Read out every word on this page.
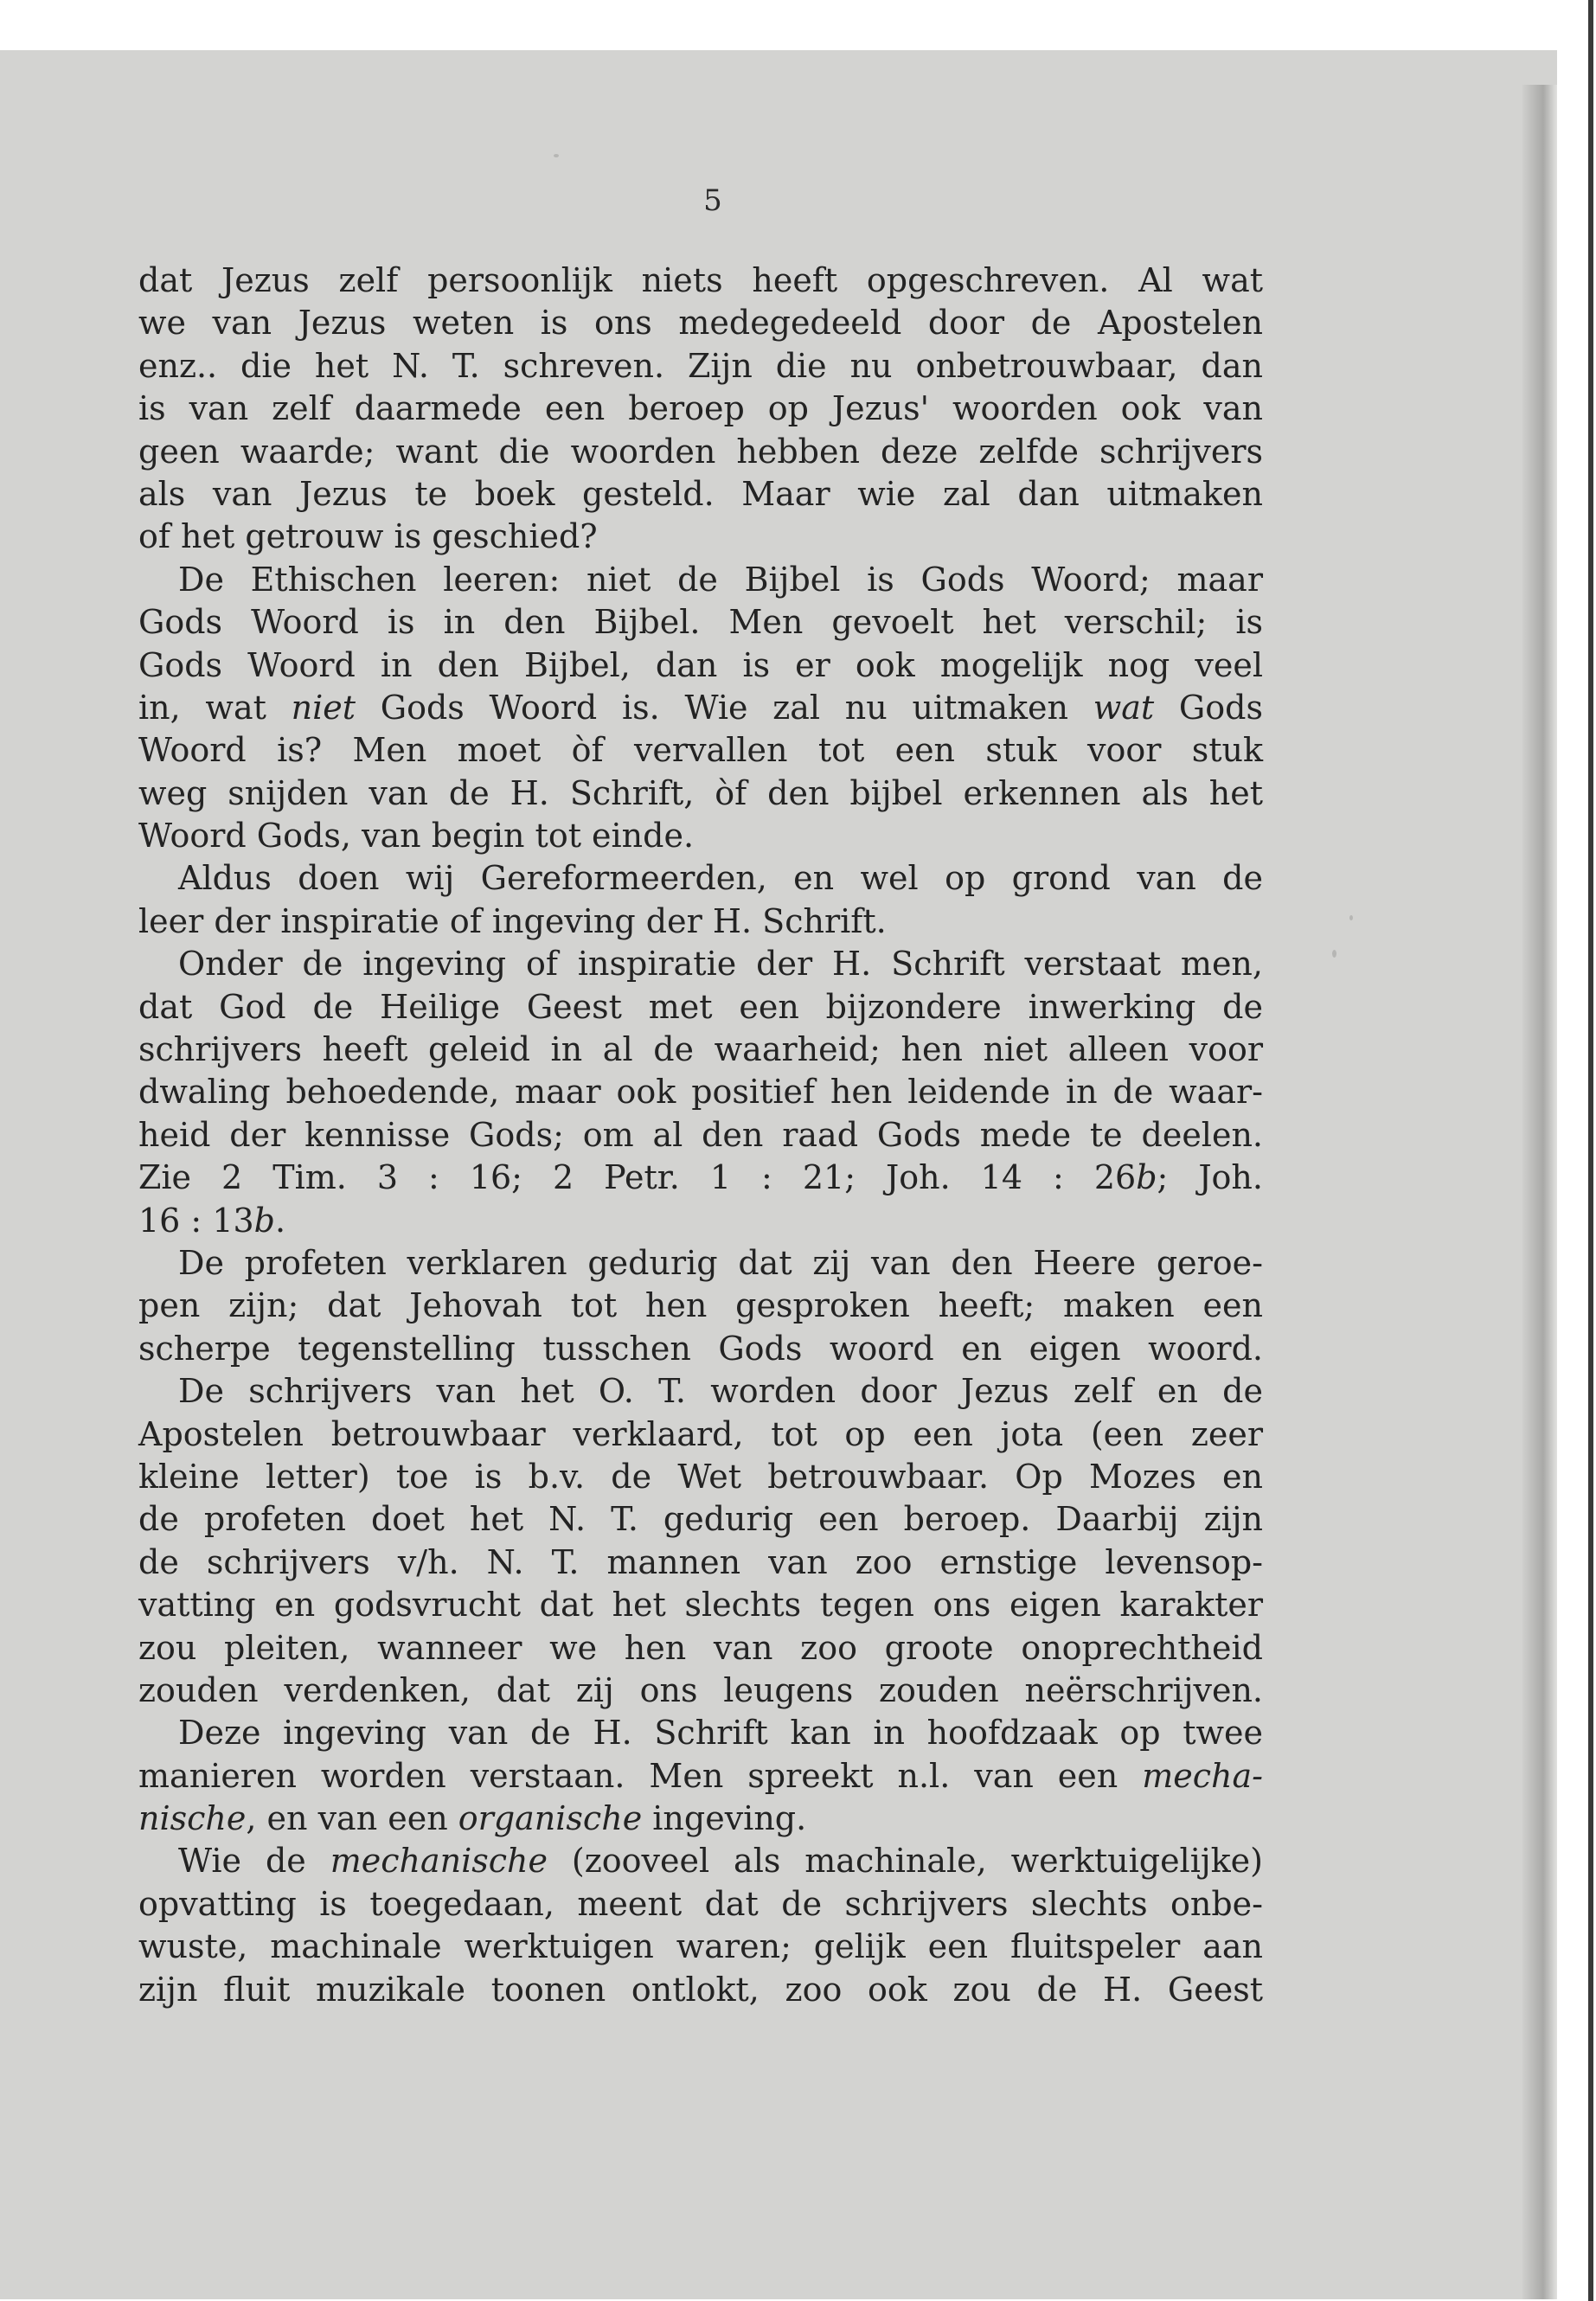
5

dat Jezus zelf persoonlijk niets heeft opgeschreven. Al wat
we van Jezus weten is ons medegedeeld door de Apostelen
enz.. die het N. T. schreven. Zijn die nu onbetrouwbaar, dan
is van zelf daarmede een beroep op Jezus' woorden ook van
geen waarde; want die woorden hebben deze zelfde schrijvers
als van Jezus te boek gesteld. Maar wie zal dan uitmaken
of het getrouw is geschied?
De Ethischen leeren: niet de Bijbel is Gods Woord; maar
Gods Woord is in den Bijbel. Men gevoelt het verschil; is
Gods Woord in den Bijbel, dan is er ook mogelijk nog veel
in, wat niet Gods Woord is. Wie zal nu uitmaken wat Gods
Woord is? Men moet òf vervallen tot een stuk voor stuk
weg snijden van de H. Schrift, òf den bijbel erkennen als het
Woord Gods, van begin tot einde.
Aldus doen wij Gereformeerden, en wel op grond van de
leer der inspiratie of ingeving der H. Schrift.
Onder de ingeving of inspiratie der H. Schrift verstaat men,
dat God de Heilige Geest met een bijzondere inwerking de
schrijvers heeft geleid in al de waarheid; hen niet alleen voor
dwaling behoedende, maar ook positief hen leidende in de waar-
heid der kennisse Gods; om al den raad Gods mede te deelen.
Zie 2 Tim. 3 : 16; 2 Petr. 1 : 21; Joh. 14 : 26b; Joh.
16 : 13b.
De profeten verklaren gedurig dat zij van den Heere geroe-
pen zijn; dat Jehovah tot hen gesproken heeft; maken een
scherpe tegenstelling tusschen Gods woord en eigen woord.
De schrijvers van het O. T. worden door Jezus zelf en de
Apostelen betrouwbaar verklaard, tot op een jota (een zeer
kleine letter) toe is b.v. de Wet betrouwbaar. Op Mozes en
de profeten doet het N. T. gedurig een beroep. Daarbij zijn
de schrijvers v/h. N. T. mannen van zoo ernstige levensop-
vatting en godsvrucht dat het slechts tegen ons eigen karakter
zou pleiten, wanneer we hen van zoo groote onoprechtheid
zouden verdenken, dat zij ons leugens zouden neërschrijven.
Deze ingeving van de H. Schrift kan in hoofdzaak op twee
manieren worden verstaan. Men spreekt n.l. van een mecha-
nische, en van een organische ingeving.
Wie de mechanische (zooveel als machinale, werktuigelijke)
opvatting is toegedaan, meent dat de schrijvers slechts onbe-
wuste, machinale werktuigen waren; gelijk een fluitspeler aan
zijn fluit muzikale toonen ontlokt, zoo ook zou de H. Geest
